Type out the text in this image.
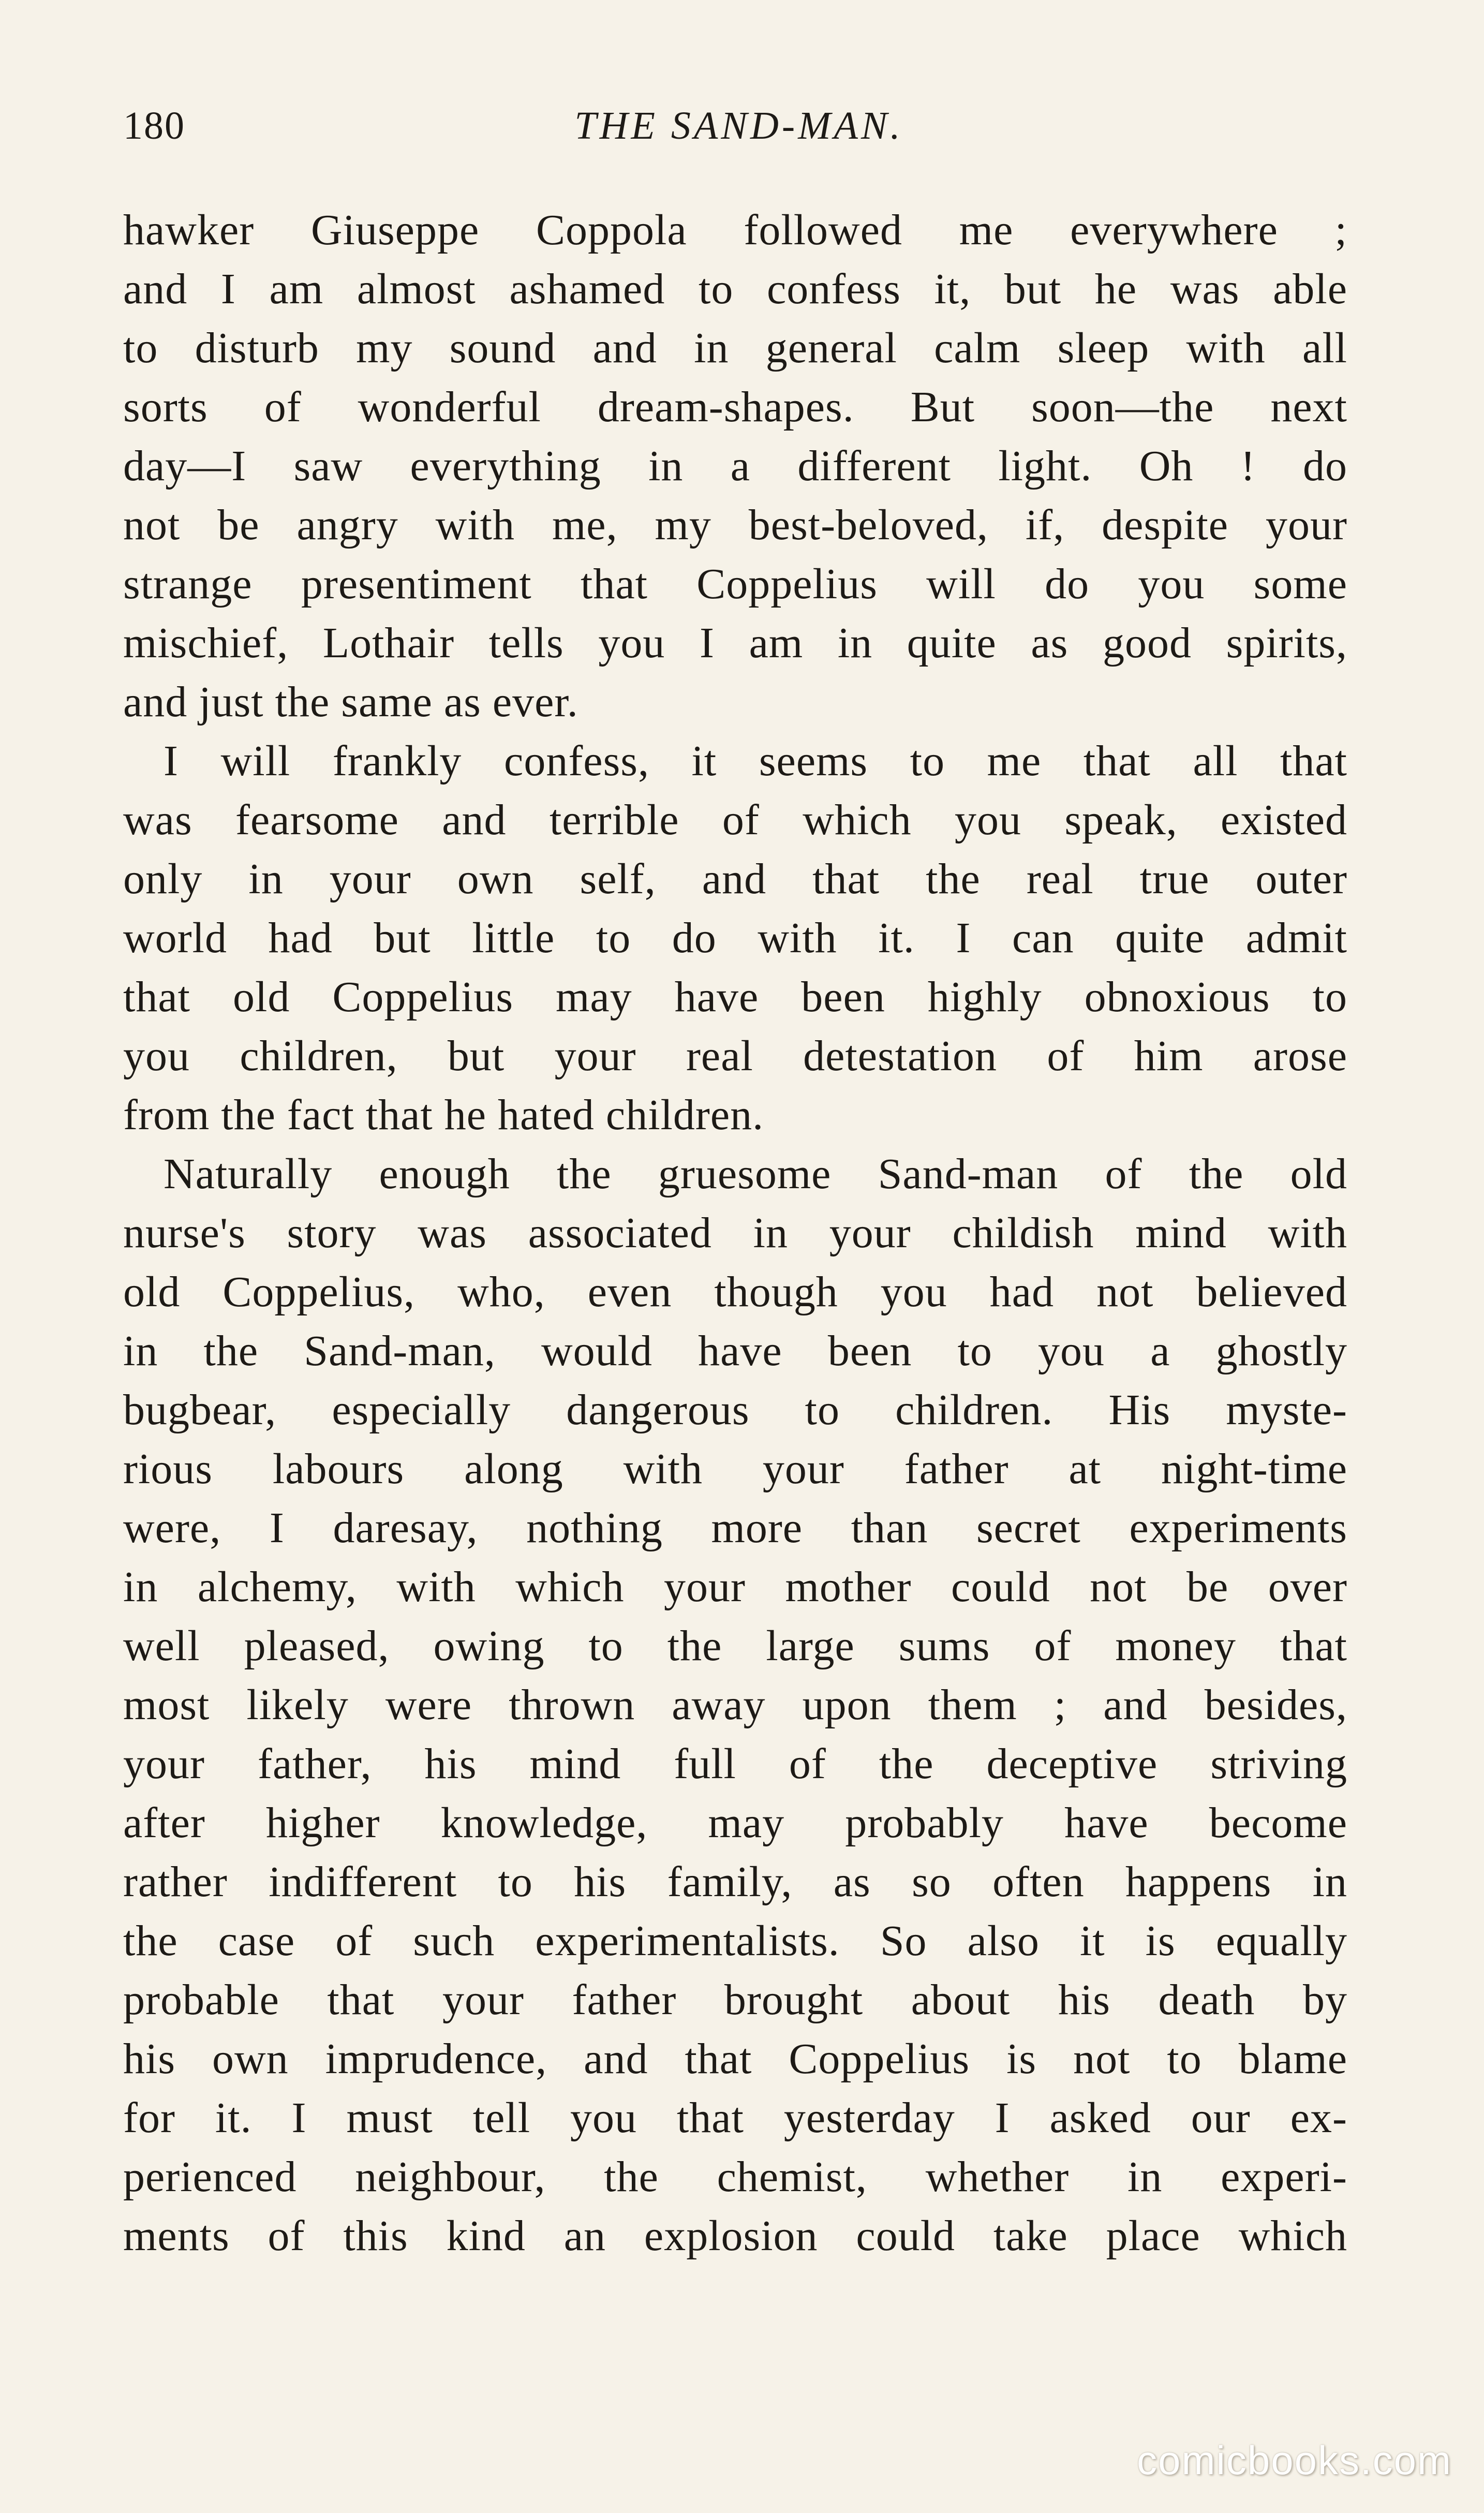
180	THE SAND-MAN.
hawker Giuseppe Coppola followed me everywhere ;
and I am almost ashamed to confess it, but he was able
to disturb my sound and in general calm sleep with all
sorts of wonderful dream-shapes. But soon—the next
day—I saw everything in a different light. Oh ! do
not be angry with me, my best-beloved, if, despite your
strange presentiment that Coppelius will do you some
mischief, Lothair tells you I am in quite as good spirits,
and just the same as ever.
I will frankly confess, it seems to me that all that
was fearsome and terrible of which you speak, existed
only in your own self, and that the real true outer
world had but little to do with it. I can quite admit
that old Coppelius may have been highly obnoxious to
you children, but your real detestation of him arose
from the fact that he hated children.
Naturally enough the gruesome Sand-man of the old
nurse's story was associated in your childish mind with
old Coppelius, who, even though you had not believed
in the Sand-man, would have been to you a ghostly
bugbear, especially dangerous to children. His myste-
rious labours along with your father at night-time
were, I daresay, nothing more than secret experiments
in alchemy, with which your mother could not be over
well pleased, owing to the large sums of money that
most likely were thrown away upon them ; and besides,
your father, his mind full of the deceptive striving
after higher knowledge, may probably have become
rather indifferent to his family, as so often happens in
the case of such experimentalists. So also it is equally
probable that your father brought about his death by
his own imprudence, and that Coppelius is not to blame
for it. I must tell you that yesterday I asked our ex-
perienced neighbour, the chemist, whether in experi-
ments of this kind an explosion could take place which
comicbooks.com
